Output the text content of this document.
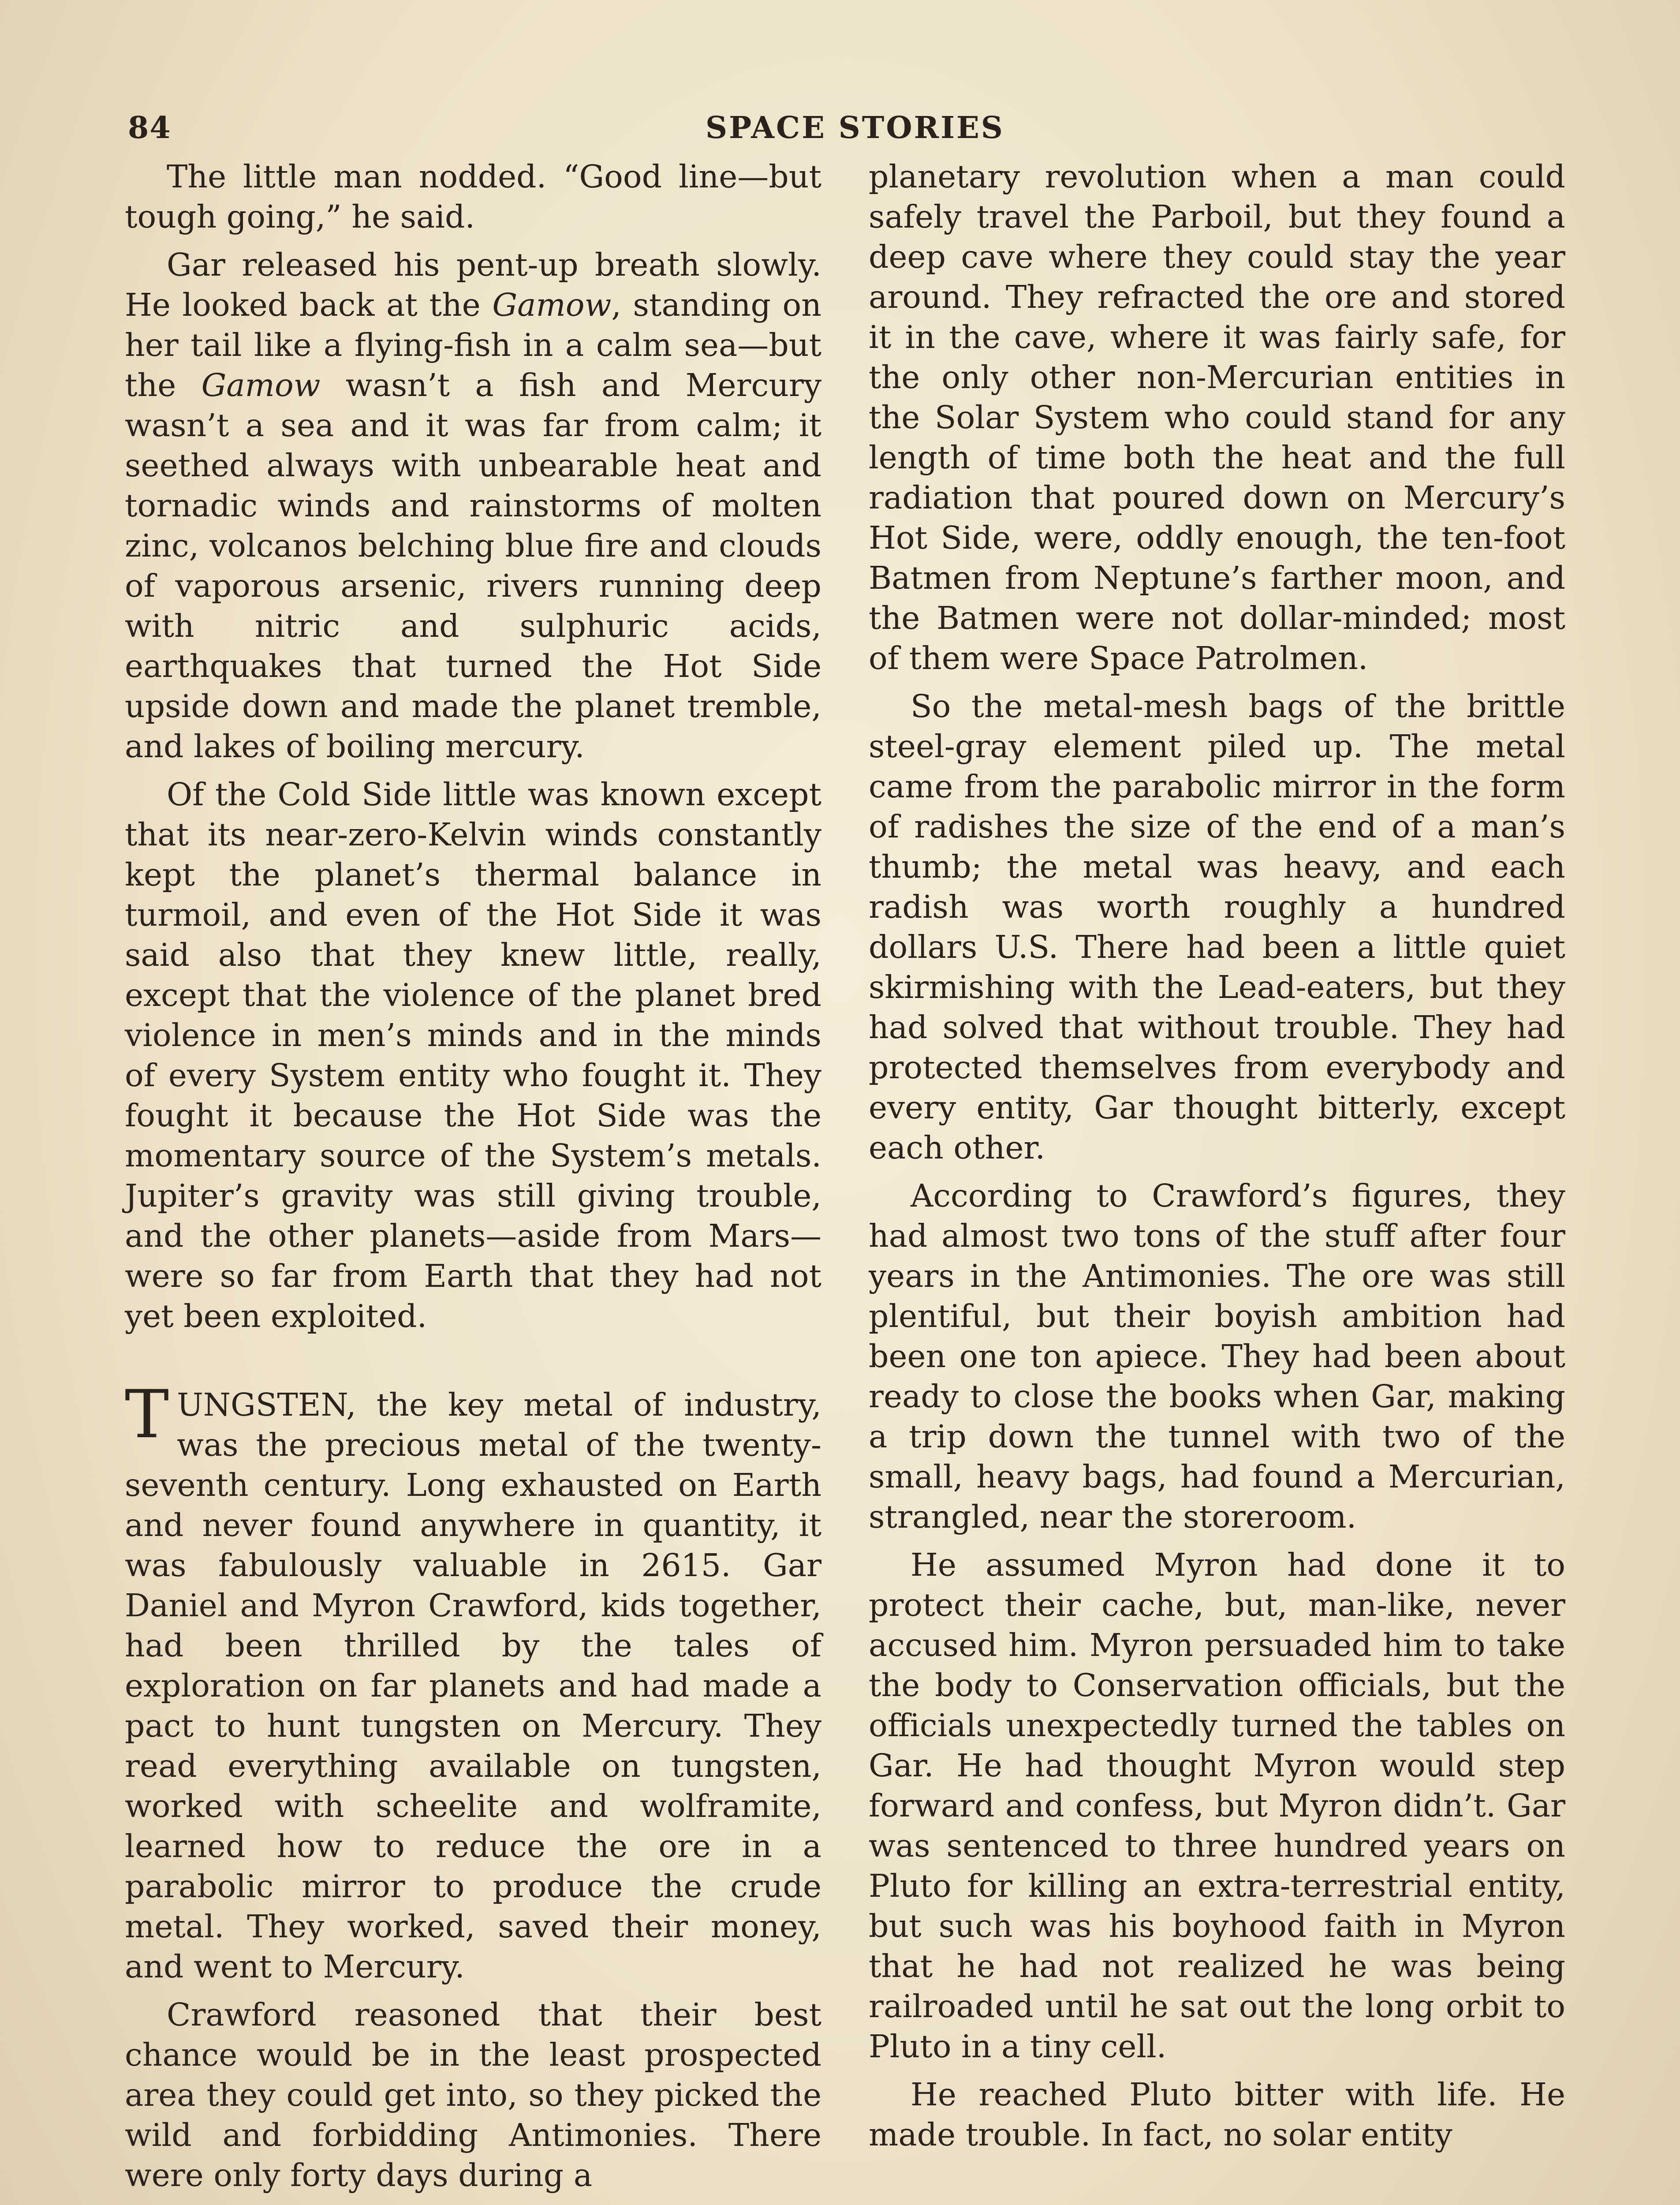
84	SPACE STORIES

The little man nodded. “Good line—but tough going,” he said.

Gar released his pent-up breath slowly. He looked back at the Gamow, standing on her tail like a flying-fish in a calm sea—but the Gamow wasn’t a fish and Mercury wasn’t a sea and it was far from calm; it seethed always with unbearable heat and tornadic winds and rainstorms of molten zinc, volcanos belching blue fire and clouds of vaporous arsenic, rivers running deep with nitric and sulphuric acids, earthquakes that turned the Hot Side upside down and made the planet tremble, and lakes of boiling mercury.

Of the Cold Side little was known except that its near-zero-Kelvin winds constantly kept the planet’s thermal balance in turmoil, and even of the Hot Side it was said also that they knew little, really, except that the violence of the planet bred violence in men’s minds and in the minds of every System entity who fought it. They fought it because the Hot Side was the momentary source of the System’s metals. Jupiter’s gravity was still giving trouble, and the other planets—aside from Mars—were so far from Earth that they had not yet been exploited.

TUNGSTEN, the key metal of industry, was the precious metal of the twenty-seventh century. Long exhausted on Earth and never found anywhere in quantity, it was fabulously valuable in 2615. Gar Daniel and Myron Crawford, kids together, had been thrilled by the tales of exploration on far planets and had made a pact to hunt tungsten on Mercury. They read everything available on tungsten, worked with scheelite and wolframite, learned how to reduce the ore in a parabolic mirror to produce the crude metal. They worked, saved their money, and went to Mercury.

Crawford reasoned that their best chance would be in the least prospected area they could get into, so they picked the wild and forbidding Antimonies. There were only forty days during a

planetary revolution when a man could safely travel the Parboil, but they found a deep cave where they could stay the year around. They refracted the ore and stored it in the cave, where it was fairly safe, for the only other non-Mercurian entities in the Solar System who could stand for any length of time both the heat and the full radiation that poured down on Mercury’s Hot Side, were, oddly enough, the ten-foot Batmen from Neptune’s farther moon, and the Batmen were not dollar-minded; most of them were Space Patrolmen.

So the metal-mesh bags of the brittle steel-gray element piled up. The metal came from the parabolic mirror in the form of radishes the size of the end of a man’s thumb; the metal was heavy, and each radish was worth roughly a hundred dollars U.S. There had been a little quiet skirmishing with the Lead-eaters, but they had solved that without trouble. They had protected themselves from everybody and every entity, Gar thought bitterly, except each other.

According to Crawford’s figures, they had almost two tons of the stuff after four years in the Antimonies. The ore was still plentiful, but their boyish ambition had been one ton apiece. They had been about ready to close the books when Gar, making a trip down the tunnel with two of the small, heavy bags, had found a Mercurian, strangled, near the storeroom.

He assumed Myron had done it to protect their cache, but, man-like, never accused him. Myron persuaded him to take the body to Conservation officials, but the officials unexpectedly turned the tables on Gar. He had thought Myron would step forward and confess, but Myron didn’t. Gar was sentenced to three hundred years on Pluto for killing an extra-terrestrial entity, but such was his boyhood faith in Myron that he had not realized he was being railroaded until he sat out the long orbit to Pluto in a tiny cell.

He reached Pluto bitter with life. He made trouble. In fact, no solar entity
